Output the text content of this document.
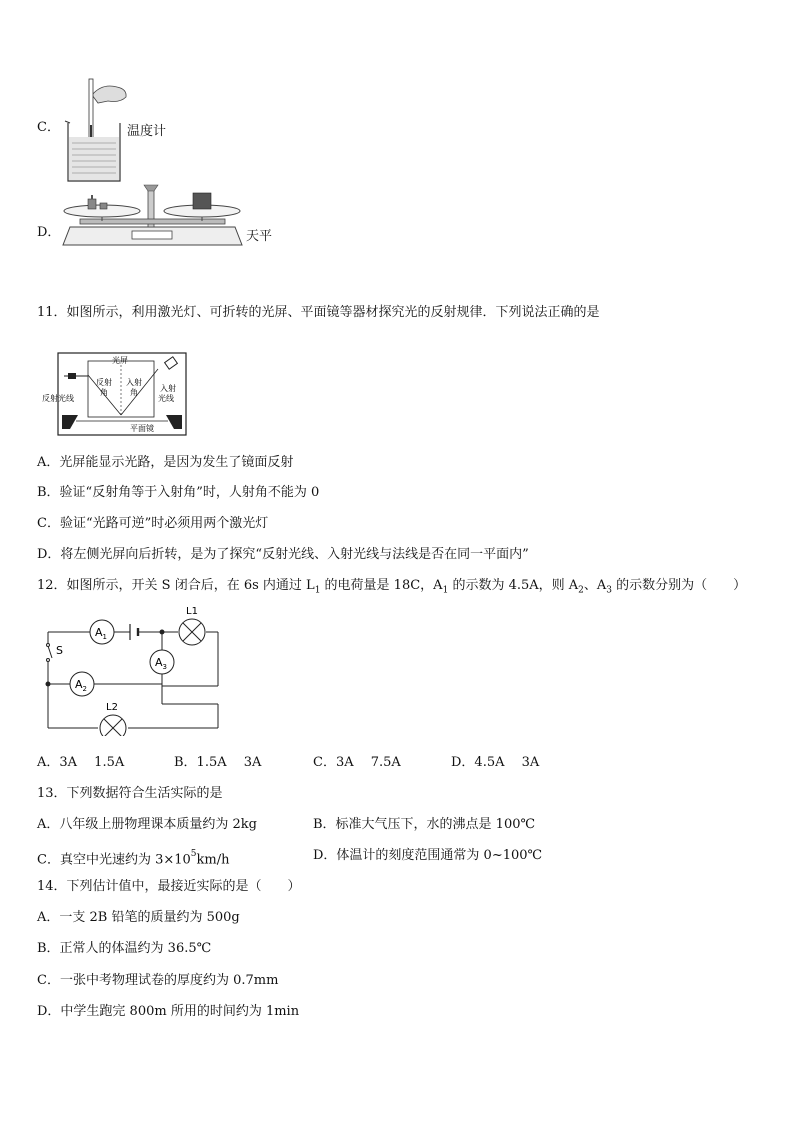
C．	温度计
D．	天平
11．如图所示，利用激光灯、可折转的光屏、平面镜等器材探究光的反射规律．下列说法正确的是
光屏
反射
角
入射
角
反射光线
入射
光线
平面镜
A．光屏能显示光路，是因为发生了镜面反射
B．验证“反射角等于入射角”时，人射角不能为 0
C．验证“光路可逆”时必须用两个激光灯
D．将左侧光屏向后折转，是为了探究“反射光线、入射光线与法线是否在同一平面内”
12．如图所示，开关 S 闭合后，在 6s 内通过 $L_1$ 的电荷量是 18C，$A_1$ 的示数为 4.5A，则 $A_2$、$A_3$ 的示数分别为（　　）
$A_1$
L1
$A_3$
$A_2$
L2
S
A．3A　 1.5A	B．1.5A　 3A	C．3A　 7.5A	D．4.5A　 3A
13．下列数据符合生活实际的是
A．八年级上册物理课本质量约为 2kg	B．标准大气压下，水的沸点是 100℃
C．真空中光速约为 $3\times 10^5km/h$	D．体温计的刻度范围通常为 0~100℃
14．下列估计值中，最接近实际的是（　　）
A．一支 2B 铅笔的质量约为 500g
B．正常人的体温约为 36.5℃
C．一张中考物理试卷的厚度约为 0.7mm
D．中学生跑完 800m 所用的时间约为 1min
